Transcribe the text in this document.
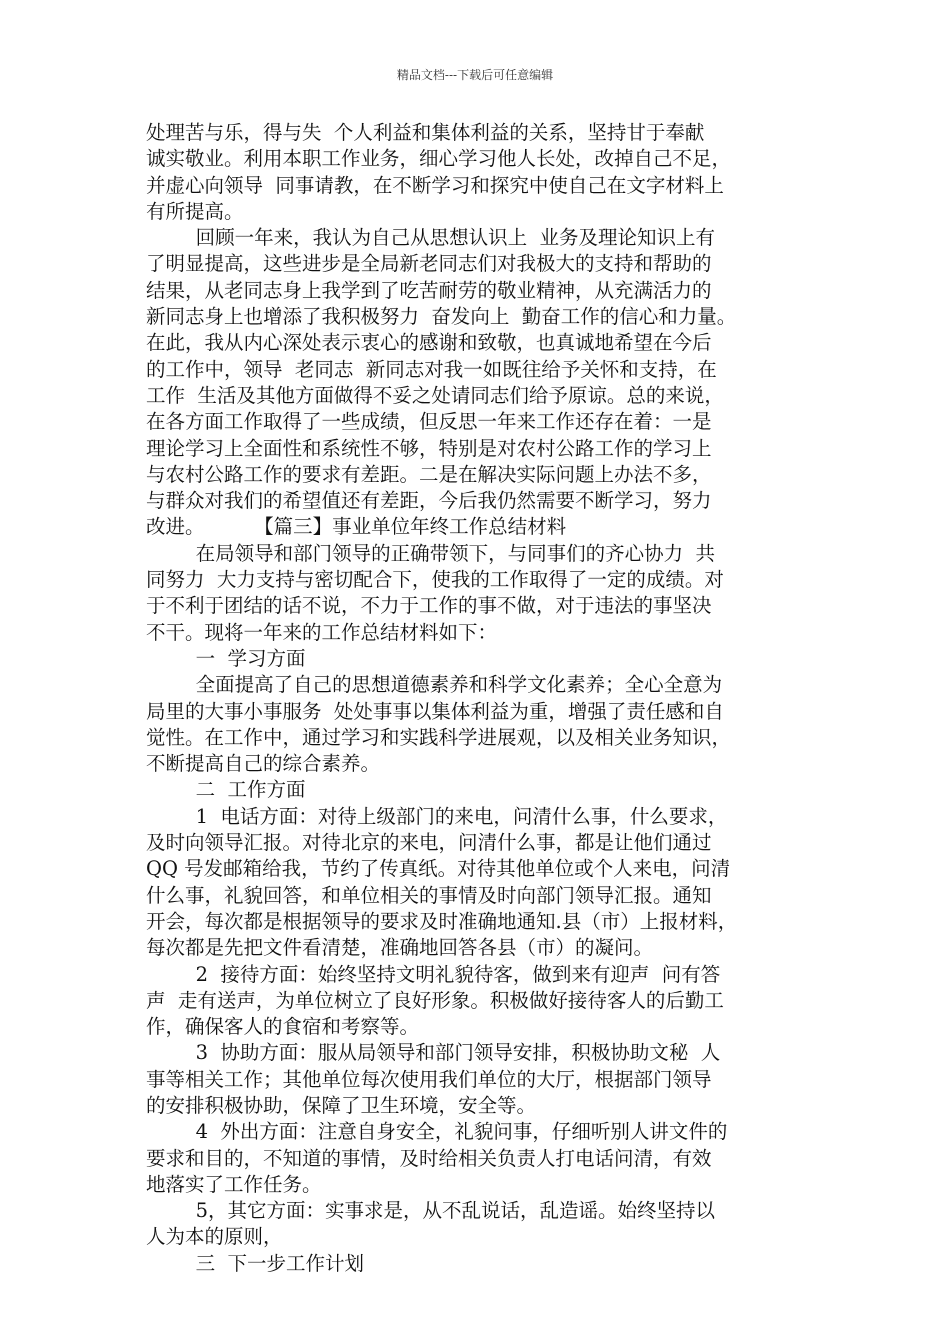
精品文档---下载后可任意编辑
处理苦与乐，得与失  个人利益和集体利益的关系，坚持甘于奉献
诚实敬业。利用本职工作业务，细心学习他人长处，改掉自己不足，
并虚心向领导  同事请教，在不断学习和探究中使自己在文字材料上
有所提高。
回顾一年来，我认为自己从思想认识上  业务及理论知识上有
了明显提高，这些进步是全局新老同志们对我极大的支持和帮助的
结果，从老同志身上我学到了吃苦耐劳的敬业精神，从充满活力的
新同志身上也增添了我积极努力  奋发向上  勤奋工作的信心和力量。
在此，我从内心深处表示衷心的感谢和致敬，也真诚地希望在今后
的工作中，领导  老同志  新同志对我一如既往给予关怀和支持，在
工作  生活及其他方面做得不妥之处请同志们给予原谅。总的来说，
在各方面工作取得了一些成绩，但反思一年来工作还存在着：一是
理论学习上全面性和系统性不够，特别是对农村公路工作的学习上
与农村公路工作的要求有差距。二是在解决实际问题上办法不多，
与群众对我们的希望值还有差距，今后我仍然需要不断学习，努力
改进。        【篇三】事业单位年终工作总结材料
在局领导和部门领导的正确带领下，与同事们的齐心协力  共
同努力  大力支持与密切配合下，使我的工作取得了一定的成绩。对
于不利于团结的话不说，不力于工作的事不做，对于违法的事坚决
不干。现将一年来的工作总结材料如下：
一  学习方面
全面提高了自己的思想道德素养和科学文化素养；全心全意为
局里的大事小事服务  处处事事以集体利益为重，增强了责任感和自
觉性。在工作中，通过学习和实践科学进展观，以及相关业务知识，
不断提高自己的综合素养。
二  工作方面
1  电话方面：对待上级部门的来电，问清什么事，什么要求，
及时向领导汇报。对待北京的来电，问清什么事，都是让他们通过
QQ 号发邮箱给我，节约了传真纸。对待其他单位或个人来电，问清
什么事，礼貌回答，和单位相关的事情及时向部门领导汇报。通知
开会，每次都是根据领导的要求及时准确地通知.县（市）上报材料，
每次都是先把文件看清楚，准确地回答各县（市）的凝问。
2  接待方面：始终坚持文明礼貌待客，做到来有迎声  问有答
声  走有送声，为单位树立了良好形象。积极做好接待客人的后勤工
作，确保客人的食宿和考察等。
3  协助方面：服从局领导和部门领导安排，积极协助文秘  人
事等相关工作；其他单位每次使用我们单位的大厅，根据部门领导
的安排积极协助，保障了卫生环境，安全等。
4  外出方面：注意自身安全，礼貌问事，仔细听别人讲文件的
要求和目的，不知道的事情，及时给相关负责人打电话问清，有效
地落实了工作任务。
5，其它方面：实事求是，从不乱说话，乱造谣。始终坚持以
人为本的原则，
三  下一步工作计划
